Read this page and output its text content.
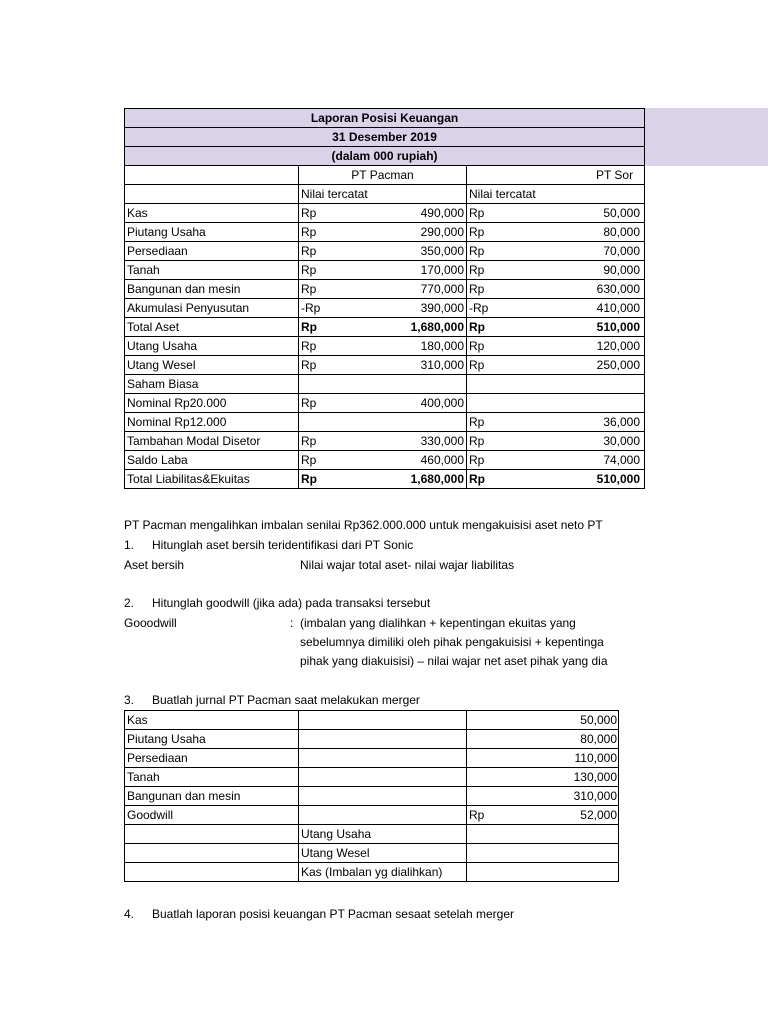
Laporan Posisi Keuangan				
31 Desember 2019				
(dalam 000 rupiah)				
	PT Pacman		PT Sor	
	Nilai tercatat		Nilai tercatat	
Kas	Rp	490,000	Rp	50,000
Piutang Usaha	Rp	290,000	Rp	80,000
Persediaan	Rp	350,000	Rp	70,000
Tanah	Rp	170,000	Rp	90,000
Bangunan dan mesin	Rp	770,000	Rp	630,000
Akumulasi Penyusutan	-Rp	390,000	-Rp	410,000
Total Aset	Rp	1,680,000	Rp	510,000
Utang Usaha	Rp	180,000	Rp	120,000
Utang Wesel	Rp	310,000	Rp	250,000
Saham Biasa				
Nominal Rp20.000	Rp	400,000		
Nominal Rp12.000			Rp	36,000
Tambahan Modal Disetor	Rp	330,000	Rp	30,000
Saldo Laba	Rp	460,000	Rp	74,000
Total Liabilitas&Ekuitas	Rp	1,680,000	Rp	510,000
PT Pacman mengalihkan imbalan senilai Rp362.000.000 untuk mengakuisisi aset neto PT
1. Hitunglah aset bersih teridentifikasi dari PT Sonic
Aset bersih	Nilai wajar total aset- nilai wajar liabilitas
2. Hitunglah goodwill (jika ada) pada transaksi tersebut
Gooodwill	: (imbalan yang dialihkan + kepentingan ekuitas yang
sebelumnya dimiliki oleh pihak pengakuisisi + kepentinga
pihak yang diakuisisi) – nilai wajar net aset pihak yang dia
3. Buatlah jurnal PT Pacman saat melakukan merger
Kas			50,000
Piutang Usaha			80,000
Persediaan			110,000
Tanah			130,000
Bangunan dan mesin			310,000
Goodwill		Rp	52,000
	Utang Usaha		
	Utang Wesel		
	Kas (Imbalan yg dialihkan)		
4. Buatlah laporan posisi keuangan PT Pacman sesaat setelah merger
